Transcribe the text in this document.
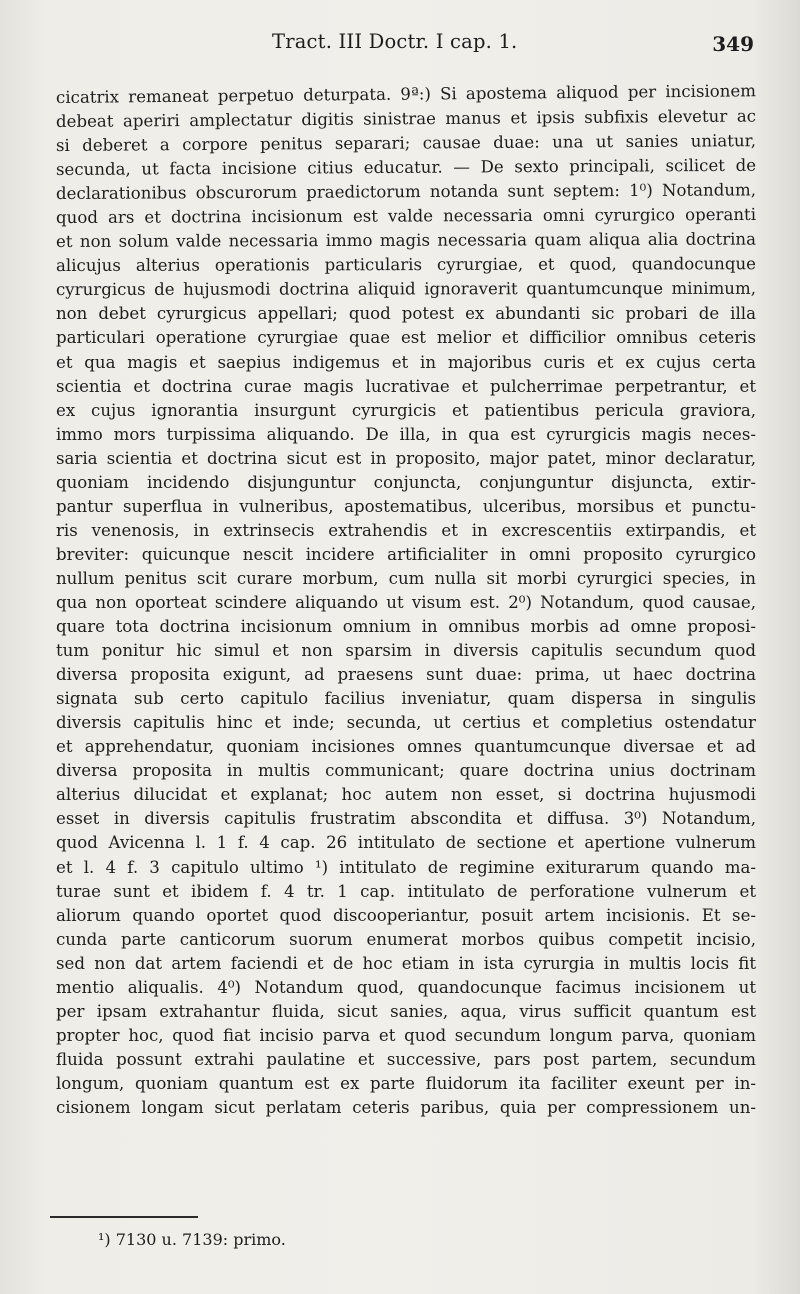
Tract. III Doctr. I cap. 1.	349
cicatrix remaneat perpetuo deturpata. 9ª:) Si apostema aliquod per incisionem
debeat aperiri amplectatur digitis sinistrae manus et ipsis subfixis elevetur ac
si deberet a corpore penitus separari; causae duae: una ut sanies uniatur,
secunda, ut facta incisione citius educatur. — De sexto principali, scilicet de
declarationibus obscurorum praedictorum notanda sunt septem: 1⁰) Notandum,
quod ars et doctrina incisionum est valde necessaria omni cyrurgico operanti
et non solum valde necessaria immo magis necessaria quam aliqua alia doctrina
alicujus alterius operationis particularis cyrurgiae, et quod, quandocunque
cyrurgicus de hujusmodi doctrina aliquid ignoraverit quantumcunque minimum,
non debet cyrurgicus appellari; quod potest ex abundanti sic probari de illa
particulari operatione cyrurgiae quae est melior et difficilior omnibus ceteris
et qua magis et saepius indigemus et in majoribus curis et ex cujus certa
scientia et doctrina curae magis lucrativae et pulcherrimae perpetrantur, et
ex cujus ignorantia insurgunt cyrurgicis et patientibus pericula graviora,
immo mors turpissima aliquando. De illa, in qua est cyrurgicis magis neces-
saria scientia et doctrina sicut est in proposito, major patet, minor declaratur,
quoniam incidendo disjunguntur conjuncta, conjunguntur disjuncta, extir-
pantur superflua in vulneribus, apostematibus, ulceribus, morsibus et punctu-
ris venenosis, in extrinsecis extrahendis et in excrescentiis extirpandis, et
breviter: quicunque nescit incidere artificialiter in omni proposito cyrurgico
nullum penitus scit curare morbum, cum nulla sit morbi cyrurgici species, in
qua non oporteat scindere aliquando ut visum est. 2⁰) Notandum, quod causae,
quare tota doctrina incisionum omnium in omnibus morbis ad omne proposi-
tum ponitur hic simul et non sparsim in diversis capitulis secundum quod
diversa proposita exigunt, ad praesens sunt duae: prima, ut haec doctrina
signata sub certo capitulo facilius inveniatur, quam dispersa in singulis
diversis capitulis hinc et inde; secunda, ut certius et completius ostendatur
et apprehendatur, quoniam incisiones omnes quantumcunque diversae et ad
diversa proposita in multis communicant; quare doctrina unius doctrinam
alterius dilucidat et explanat; hoc autem non esset, si doctrina hujusmodi
esset in diversis capitulis frustratim abscondita et diffusa. 3⁰) Notandum,
quod Avicenna l. 1 f. 4 cap. 26 intitulato de sectione et apertione vulnerum
et l. 4 f. 3 capitulo ultimo ¹) intitulato de regimine exiturarum quando ma-
turae sunt et ibidem f. 4 tr. 1 cap. intitulato de perforatione vulnerum et
aliorum quando oportet quod discooperiantur, posuit artem incisionis. Et se-
cunda parte canticorum suorum enumerat morbos quibus competit incisio,
sed non dat artem faciendi et de hoc etiam in ista cyrurgia in multis locis fit
mentio aliqualis. 4⁰) Notandum quod, quandocunque facimus incisionem ut
per ipsam extrahantur fluida, sicut sanies, aqua, virus sufficit quantum est
propter hoc, quod fiat incisio parva et quod secundum longum parva, quoniam
fluida possunt extrahi paulatine et successive, pars post partem, secundum
longum, quoniam quantum est ex parte fluidorum ita faciliter exeunt per in-
cisionem longam sicut perlatam ceteris paribus, quia per compressionem un-
¹) 7130 u. 7139: primo.
